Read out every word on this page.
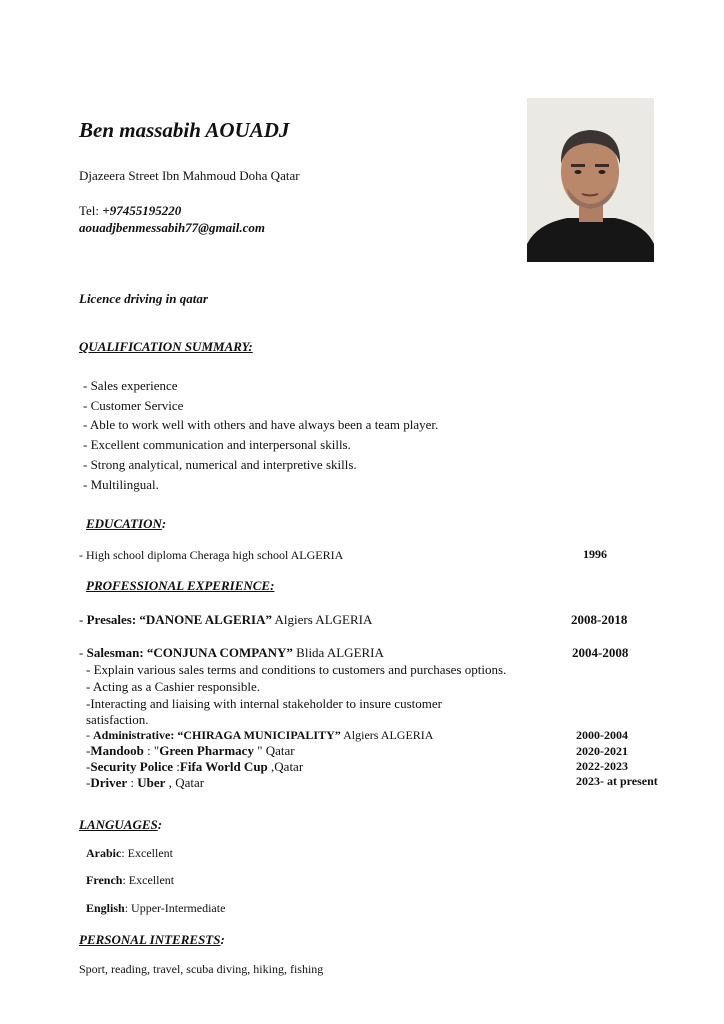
Ben massabih AOUADJ
Djazeera Street Ibn Mahmoud Doha Qatar
Tel: +97455195220
aouadjbenmessabih77@gmail.com
Licence driving in qatar
QUALIFICATION SUMMARY:
- Sales experience
- Customer Service
- Able to work well with others and have always been a team player.
- Excellent communication and interpersonal skills.
- Strong analytical, numerical and interpretive skills.
- Multilingual.
EDUCATION:
- High school diploma Cheraga high school ALGERIA	1996
PROFESSIONAL EXPERIENCE:
- Presales: “DANONE ALGERIA” Algiers ALGERIA	2008-2018
- Salesman: “CONJUNA COMPANY” Blida ALGERIA	2004-2008
- Explain various sales terms and conditions to customers and purchases options.
- Acting as a Cashier responsible.
-Interacting and liaising with internal stakeholder to insure customer
satisfaction.
- Administrative: “CHIRAGA MUNICIPALITY” Algiers ALGERIA	2000-2004
-Mandoob : "Green Pharmacy " Qatar	2020-2021
-Security Police :Fifa World Cup ,Qatar	2022-2023
-Driver : Uber , Qatar	2023- at present
LANGUAGES:
Arabic: Excellent
French: Excellent
English: Upper-Intermediate
PERSONAL INTERESTS:
Sport, reading, travel, scuba diving, hiking, fishing
